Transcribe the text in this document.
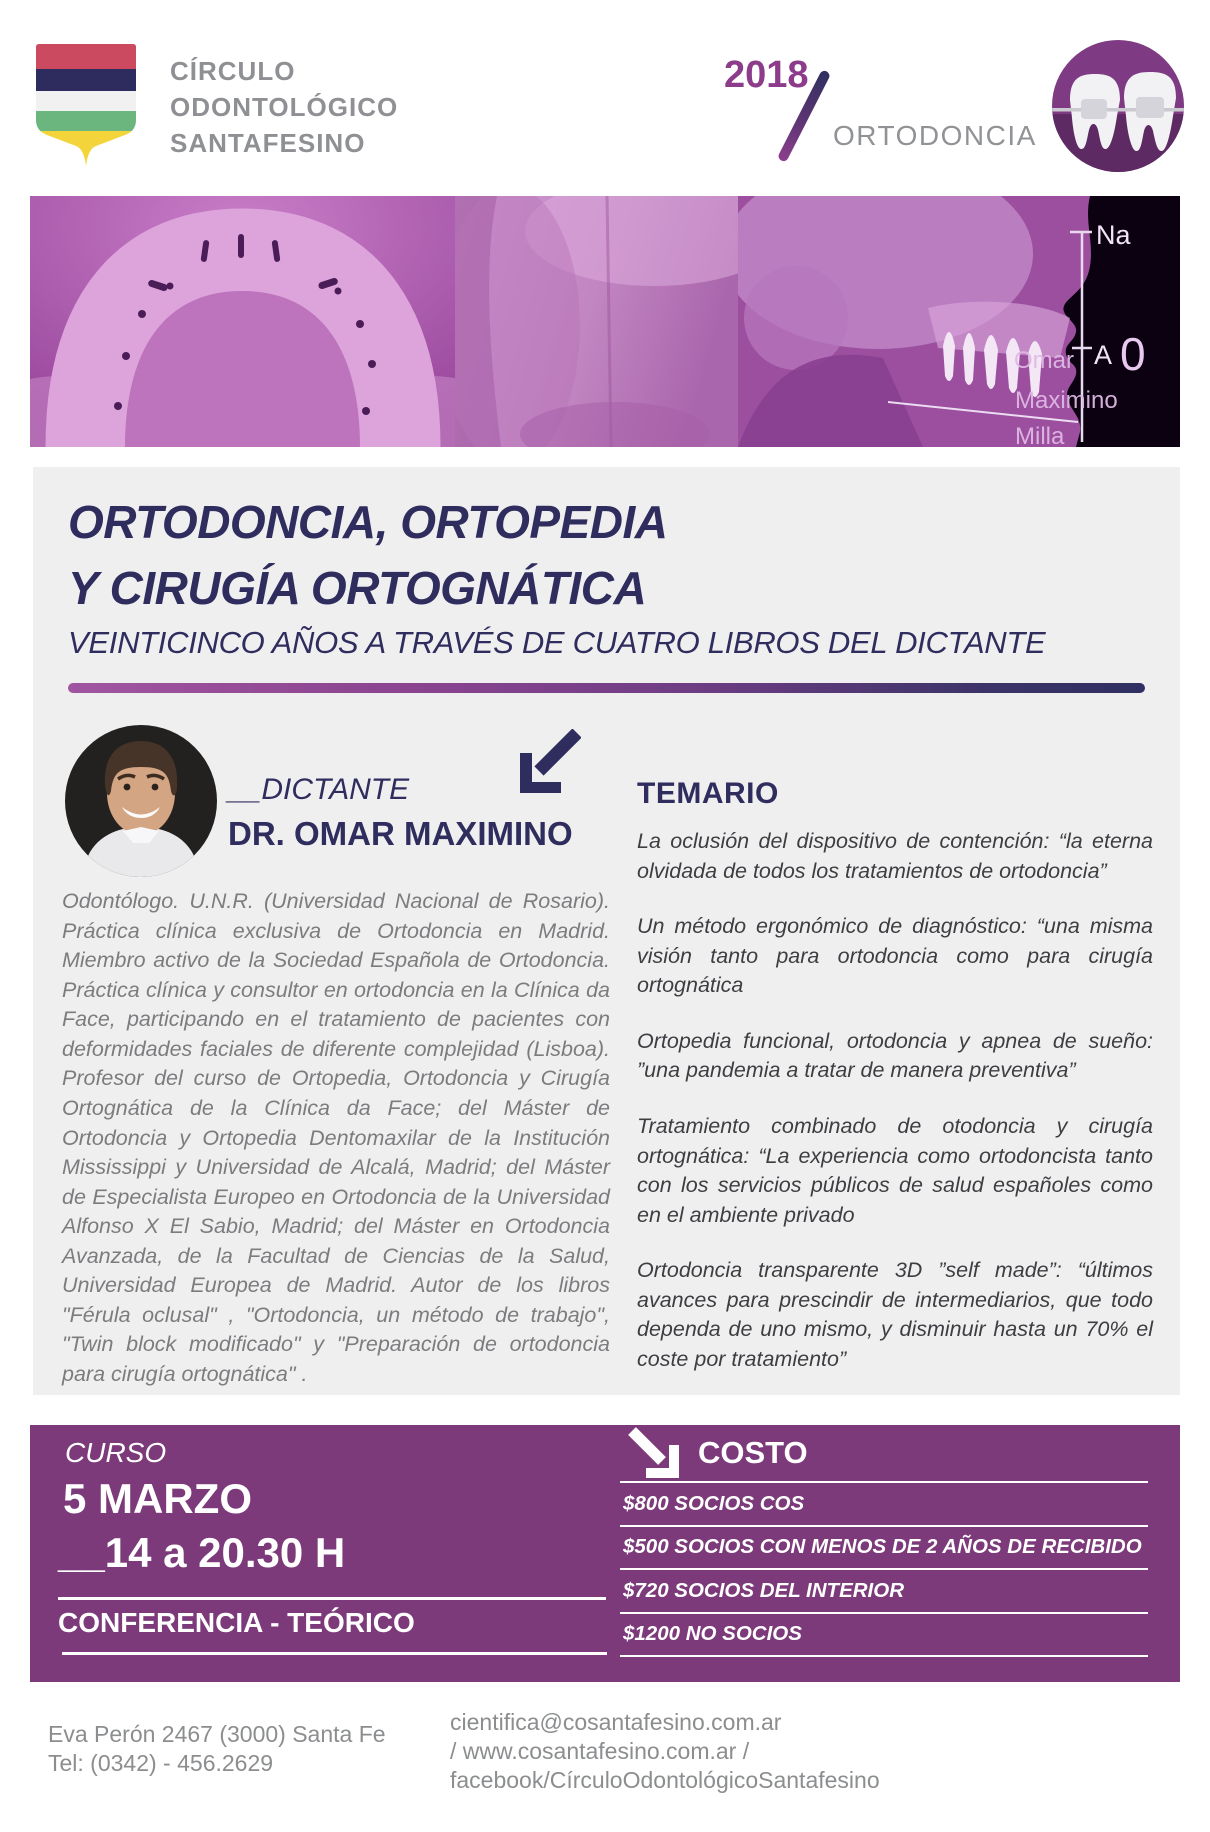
CÍRCULO
ODONTOLÓGICO
SANTAFESINO
2018
ORTODONCIA
Na
A 0
Omar
Maximino
Milla
ORTODONCIA, ORTOPEDIA
Y CIRUGÍA ORTOGNÁTICA
VEINTICINCO AÑOS A TRAVÉS DE CUATRO LIBROS DEL DICTANTE
__DICTANTE
DR. OMAR MAXIMINO
Odontólogo. U.N.R. (Universidad Nacional de Rosario). Práctica clínica exclusiva de Ortodoncia en Madrid. Miembro activo de la Sociedad Española de Ortodoncia. Práctica clínica y consultor en ortodoncia en la Clínica da Face, participando en el tratamiento de pacientes con deformidades faciales de diferente complejidad (Lisboa). Profesor del curso de Ortopedia, Ortodoncia y Cirugía Ortognática de la Clínica da Face; del Máster de Ortodoncia y Ortopedia Dentomaxilar de la Institución Mississippi y Universidad de Alcalá, Madrid; del Máster de Especialista Europeo en Ortodoncia de la Universidad Alfonso X El Sabio, Madrid; del Máster en Ortodoncia Avanzada, de la Facultad de Ciencias de la Salud, Universidad Europea de Madrid. Autor de los libros "Férula oclusal" , "Ortodoncia, un método de trabajo", "Twin block modificado" y "Preparación de ortodoncia para cirugía ortognática" .
TEMARIO
La oclusión del dispositivo de contención: “la eterna olvidada de todos los tratamientos de ortodoncia”
Un método ergonómico de diagnóstico: “una misma visión tanto para ortodoncia como para cirugía ortognática
Ortopedia funcional, ortodoncia y apnea de sueño: ”una pandemia a tratar de manera preventiva”
Tratamiento combinado de otodoncia y cirugía ortognática: “La experiencia como ortodoncista tanto con los servicios públicos de salud españoles como en el ambiente privado
Ortodoncia transparente 3D ”self made”: “últimos avances para prescindir de intermediarios, que todo dependa de uno mismo, y disminuir hasta un 70% el coste por tratamiento”
CURSO
5 MARZO
__14 a 20.30 H
CONFERENCIA - TEÓRICO
COSTO
$800 SOCIOS COS
$500 SOCIOS CON MENOS DE 2 AÑOS DE RECIBIDO
$720 SOCIOS DEL INTERIOR
$1200 NO SOCIOS
Eva Perón 2467 (3000) Santa Fe
Tel: (0342) - 456.2629
cientifica@cosantafesino.com.ar
/ www.cosantafesino.com.ar /
facebook/CírculoOdontológicoSantafesino
